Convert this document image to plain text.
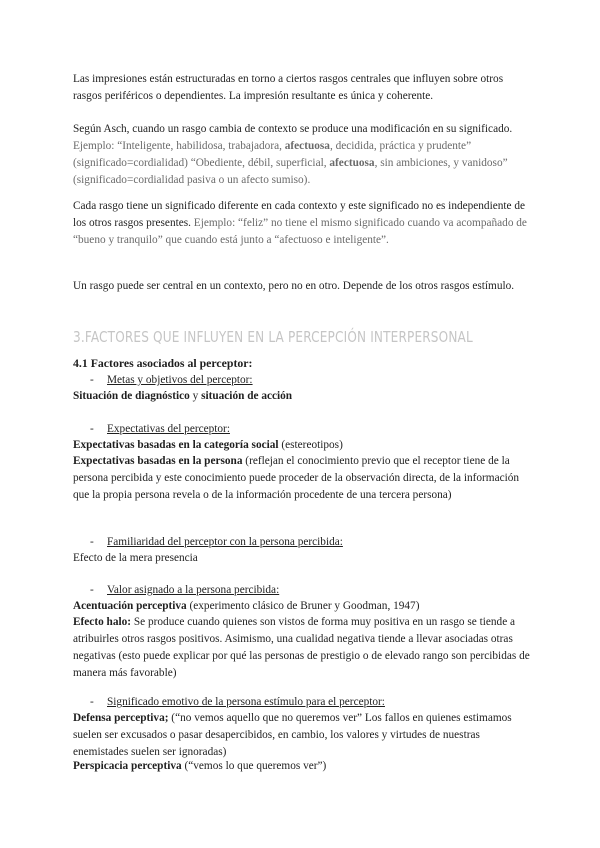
Las impresiones están estructuradas en torno a ciertos rasgos centrales que influyen sobre otros rasgos periféricos o dependientes. La impresión resultante es única y coherente.

Según Asch, cuando un rasgo cambia de contexto se produce una modificación en su significado. Ejemplo: “Inteligente, habilidosa, trabajadora, afectuosa, decidida, práctica y prudente” (significado=cordialidad) “Obediente, débil, superficial, afectuosa, sin ambiciones, y vanidoso” (significado=cordialidad pasiva o un afecto sumiso).

Cada rasgo tiene un significado diferente en cada contexto y este significado no es independiente de los otros rasgos presentes. Ejemplo: “feliz” no tiene el mismo significado cuando va acompañado de “bueno y tranquilo” que cuando está junto a “afectuoso e inteligente”.

Un rasgo puede ser central en un contexto, pero no en otro. Depende de los otros rasgos estímulo.

3.FACTORES QUE INFLUYEN EN LA PERCEPCIÓN INTERPERSONAL
4.1 Factores asociados al perceptor:
- Metas y objetivos del perceptor:

Situación de diagnóstico y situación de acción

- Expectativas del perceptor:

Expectativas basadas en la categoría social (estereotipos)

Expectativas basadas en la persona (reflejan el conocimiento previo que el receptor tiene de la persona percibida y este conocimiento puede proceder de la observación directa, de la información que la propia persona revela o de la información procedente de una tercera persona)

- Familiaridad del perceptor con la persona percibida:

Efecto de la mera presencia

- Valor asignado a la persona percibida:

Acentuación perceptiva (experimento clásico de Bruner y Goodman, 1947)

Efecto halo: Se produce cuando quienes son vistos de forma muy positiva en un rasgo se tiende a atribuirles otros rasgos positivos. Asimismo, una cualidad negativa tiende a llevar asociadas otras negativas (esto puede explicar por qué las personas de prestigio o de elevado rango son percibidas de manera más favorable)

- Significado emotivo de la persona estímulo para el perceptor:

Defensa perceptiva; (“no vemos aquello que no queremos ver” Los fallos en quienes estimamos suelen ser excusados o pasar desapercibidos, en cambio, los valores y virtudes de nuestras enemistades suelen ser ignoradas)

Perspicacia perceptiva (“vemos lo que queremos ver”)
